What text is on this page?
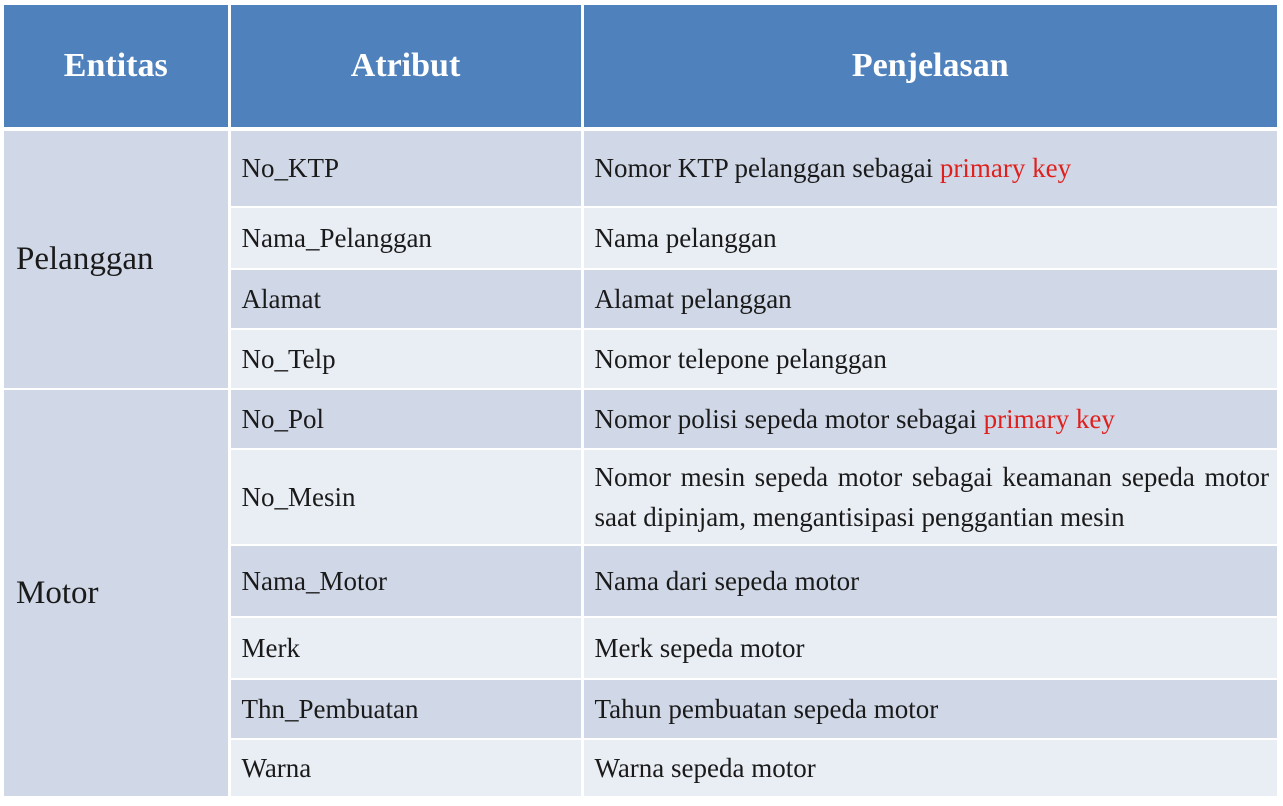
Entitas	Atribut	Penjelasan
Pelanggan	No_KTP	Nomor KTP pelanggan sebagai primary key
	Nama_Pelanggan	Nama pelanggan
	Alamat	Alamat pelanggan
	No_Telp	Nomor telepone pelanggan
Motor	No_Pol	Nomor polisi sepeda motor sebagai primary key
	No_Mesin	Nomor mesin sepeda motor sebagai keamanan sepeda motor saat dipinjam, mengantisipasi penggantian mesin
	Nama_Motor	Nama dari sepeda motor
	Merk	Merk sepeda motor
	Thn_Pembuatan	Tahun pembuatan sepeda motor
	Warna	Warna sepeda motor
